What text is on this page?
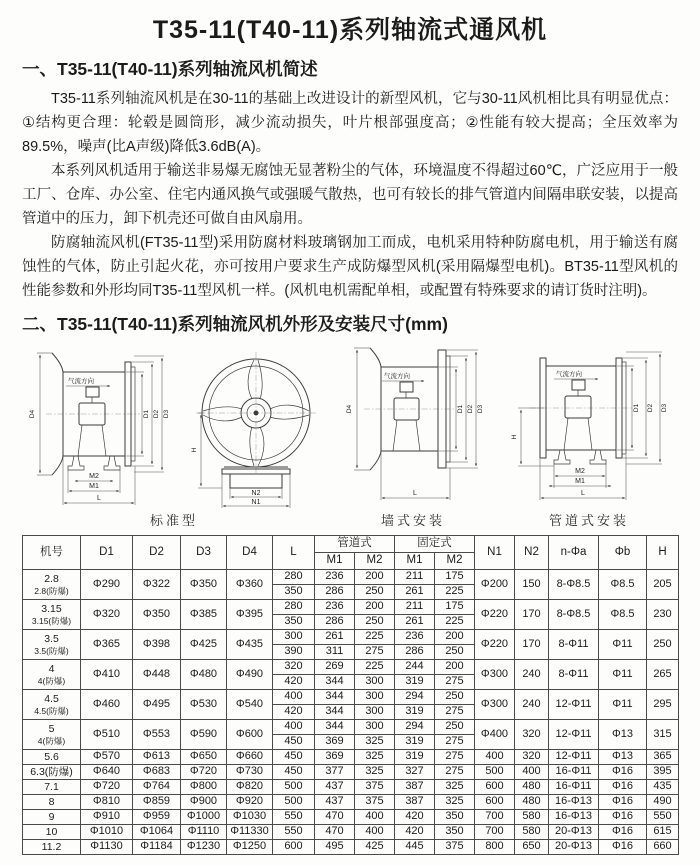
T35-11(T40-11)系列轴流式通风机
一、T35-11(T40-11)系列轴流风机简述

T35-11系列轴流风机是在30-11的基础上改进设计的新型风机，它与30-11风机相比具有明显优点：①结构更合理：轮毂是圆筒形，减少流动损失，叶片根部强度高；②性能有较大提高；全压效率为89.5%，噪声(比A声级)降低3.6dB(A)。

本系列风机适用于输送非易爆无腐蚀无显著粉尘的气体，环境温度不得超过60℃，广泛应用于一般工厂、仓库、办公室、住宅内通风换气或强暖气散热，也可有较长的排气管道内间隔串联安装，以提高管道中的压力，卸下机壳还可做自由风扇用。

防腐轴流风机(FT35-11型)采用防腐材料玻璃钢加工而成，电机采用特种防腐电机，用于输送有腐蚀性的气体，防止引起火花，亦可按用户要求生产成防爆型风机(采用隔爆型电机)。BT35-11型风机的性能参数和外形均同T35-11型风机一样。(风机电机需配单相，或配置有特殊要求的请订货时注明)。

二、T35-11(T40-11)系列轴流风机外形及安装尺寸(mm)
气流方向
D4	D1 D2 D3
M2
M1
L
H
N2
N1
标准型
气流方向
D4	D1 D2 D3
L
墙式安装
气流方向
H
D1 D2 D3
M2
M1
L
管道式安装
机号	D1	D2	D3	D4	L	管道式		固定式		N1	N2	n-Φa	Φb	H
						M1	M2	M1	M2					

2.8
2.8(防爆)	Φ290	Φ322	Φ350	Φ360	280	236	200	211	175	Φ200	150	8-Φ8.5	Φ8.5	205
					350	286	250	261	225					

3.15
3.15(防爆)	Φ320	Φ350	Φ385	Φ395	280	236	200	211	175	Φ220	170	8-Φ8.5	Φ8.5	230
					350	286	250	261	225					

3.5
3.5(防爆)	Φ365	Φ398	Φ425	Φ435	300	261	225	236	200	Φ220	170	8-Φ11	Φ11	250
					390	311	275	286	250					

4
4(防爆)	Φ410	Φ448	Φ480	Φ490	320	269	225	244	200	Φ300	240	8-Φ11	Φ11	265
					420	344	300	319	275					

4.5
4.5(防爆)	Φ460	Φ495	Φ530	Φ540	400	344	300	294	250	Φ300	240	12-Φ11	Φ11	295
					420	344	300	319	275					

5
4(防爆)	Φ510	Φ553	Φ590	Φ600	400	344	300	294	250	Φ400	320	12-Φ11	Φ13	315
					450	369	325	319	275					

5.6	Φ570	Φ613	Φ650	Φ660	450	369	325	319	275	400	320	12-Φ11	Φ13	365

6.3(防爆)	Φ640	Φ683	Φ720	Φ730	450	377	325	327	275	500	400	16-Φ11	Φ16	395

7.1	Φ720	Φ764	Φ800	Φ820	500	437	375	387	325	600	480	16-Φ11	Φ16	435

8	Φ810	Φ859	Φ900	Φ920	500	437	375	387	325	600	480	16-Φ13	Φ16	490

9	Φ910	Φ959	Φ1000	Φ1030	550	470	400	420	350	700	580	16-Φ13	Φ16	550

10	Φ1010	Φ1064	Φ1110	Φ11330	550	470	400	420	350	700	580	20-Φ13	Φ16	615

11.2	Φ1130	Φ1184	Φ1230	Φ1250	600	495	425	445	375	800	650	20-Φ13	Φ16	660
